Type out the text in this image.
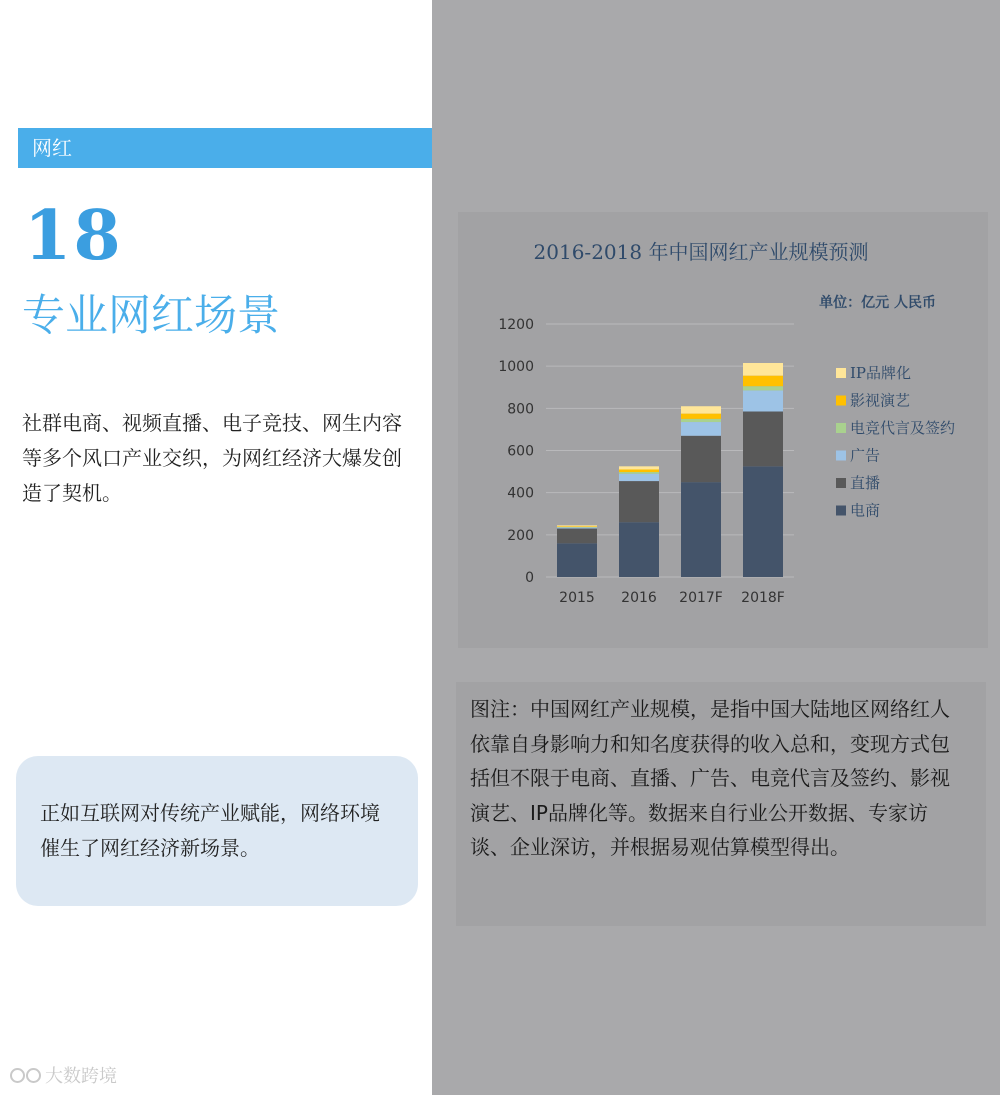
网红
18
专业网红场景
社群电商、视频直播、电子竞技、网生内容等多个风口产业交织，为网红经济大爆发创造了契机。
正如互联网对传统产业赋能，网络环境催生了网红经济新场景。
大数跨境
2016-2018 年中国网红产业规模预测
单位：亿元 人民币
0
200
400
600
800
1000
1200
2015 2016 2017F 2018F
IP品牌化
影视演艺
电竞代言及签约
广告
直播
电商
图注：中国网红产业规模，是指中国大陆地区网络红人依靠自身影响力和知名度获得的收入总和，变现方式包括但不限于电商、直播、广告、电竞代言及签约、影视演艺、IP品牌化等。数据来自行业公开数据、专家访谈、企业深访，并根据易观估算模型得出。
